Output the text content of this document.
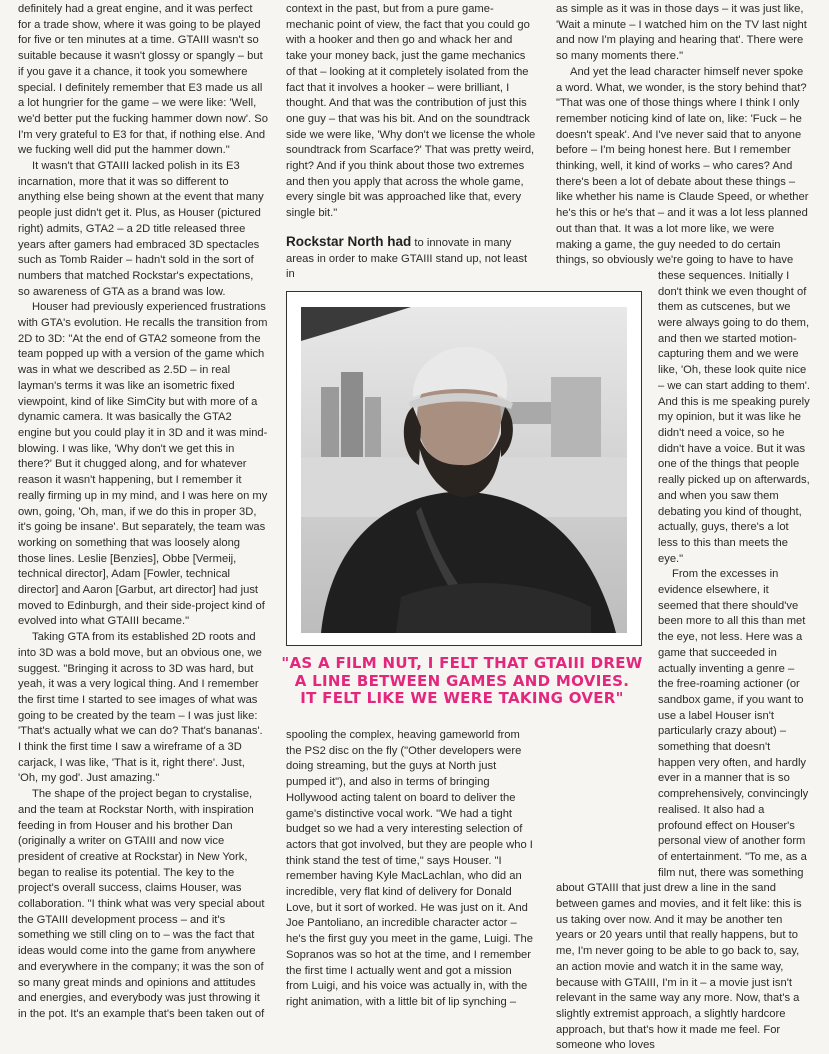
definitely had a great engine, and it was perfect for a trade show, where it was going to be played for five or ten minutes at a time. GTAIII wasn't so suitable because it wasn't glossy or spangly – but if you gave it a chance, it took you somewhere special. I definitely remember that E3 made us all a lot hungrier for the game – we were like: 'Well, we'd better put the fucking hammer down now'. So I'm very grateful to E3 for that, if nothing else. And we fucking well did put the hammer down."

It wasn't that GTAIII lacked polish in its E3 incarnation, more that it was so different to anything else being shown at the event that many people just didn't get it. Plus, as Houser (pictured right) admits, GTA2 – a 2D title released three years after gamers had embraced 3D spectacles such as Tomb Raider – hadn't sold in the sort of numbers that matched Rockstar's expectations, so awareness of GTA as a brand was low.

Houser had previously experienced frustrations with GTA's evolution. He recalls the transition from 2D to 3D: "At the end of GTA2 someone from the team popped up with a version of the game which was in what we described as 2.5D – in real layman's terms it was like an isometric fixed viewpoint, kind of like SimCity but with more of a dynamic camera. It was basically the GTA2 engine but you could play it in 3D and it was mind-blowing. I was like, 'Why don't we get this in there?' But it chugged along, and for whatever reason it wasn't happening, but I remember it really firming up in my mind, and I was here on my own, going, 'Oh, man, if we do this in proper 3D, it's going be insane'. But separately, the team was working on something that was loosely along those lines. Leslie [Benzies], Obbe [Vermeij, technical director], Adam [Fowler, technical director] and Aaron [Garbut, art director] had just moved to Edinburgh, and their side-project kind of evolved into what GTAIII became."

Taking GTA from its established 2D roots and into 3D was a bold move, but an obvious one, we suggest. "Bringing it across to 3D was hard, but yeah, it was a very logical thing. And I remember the first time I started to see images of what was going to be created by the team – I was just like: 'That's actually what we can do? That's bananas'. I think the first time I saw a wireframe of a 3D carjack, I was like, 'That is it, right there'. Just, 'Oh, my god'. Just amazing."

The shape of the project began to crystalise, and the team at Rockstar North, with inspiration feeding in from Houser and his brother Dan (originally a writer on GTAIII and now vice president of creative at Rockstar) in New York, began to realise its potential. The key to the project's overall success, claims Houser, was collaboration. "I think what was very special about the GTAIII development process – and it's something we still cling on to – was the fact that ideas would come into the game from anywhere and everywhere in the company; it was the son of so many great minds and opinions and attitudes and energies, and everybody was just throwing it in the pot. It's an example that's been taken out of

context in the past, but from a pure game-mechanic point of view, the fact that you could go with a hooker and then go and whack her and take your money back, just the game mechanics of that – looking at it completely isolated from the fact that it involves a hooker – were brilliant, I thought. And that was the contribution of just this one guy – that was his bit. And on the soundtrack side we were like, 'Why don't we license the whole soundtrack from Scarface?' That was pretty weird, right? And if you think about those two extremes and then you apply that across the whole game, every single bit was approached like that, every single bit."

Rockstar North had to innovate in many areas in order to make GTAIII stand up, not least in

"AS A FILM NUT, I FELT THAT GTAIII DREW
A LINE BETWEEN GAMES AND MOVIES.
IT FELT LIKE WE WERE TAKING OVER"

spooling the complex, heaving gameworld from the PS2 disc on the fly ("Other developers were doing streaming, but the guys at North just pumped it"), and also in terms of bringing Hollywood acting talent on board to deliver the game's distinctive vocal work. "We had a tight budget so we had a very interesting selection of actors that got involved, but they are people who I think stand the test of time," says Houser. "I remember having Kyle MacLachlan, who did an incredible, very flat kind of delivery for Donald Love, but it sort of worked. He was just on it. And Joe Pantoliano, an incredible character actor – he's the first guy you meet in the game, Luigi. The Sopranos was so hot at the time, and I remember the first time I actually went and got a mission from Luigi, and his voice was actually in, with the right animation, with a little bit of lip synching –

as simple as it was in those days – it was just like, 'Wait a minute – I watched him on the TV last night and now I'm playing and hearing that'. There were so many moments there."

And yet the lead character himself never spoke a word. What, we wonder, is the story behind that? "That was one of those things where I think I only remember noticing kind of late on, like: 'Fuck – he doesn't speak'. And I've never said that to anyone before – I'm being honest here. But I remember thinking, well, it kind of works – who cares? And there's been a lot of debate about these things – like whether his name is Claude Speed, or whether he's this or he's that – and it was a lot less planned out than that. It was a lot more like, we were making a game, the guy needed to do certain things, so obviously we're going to have to have these sequences. Initially I don't think we even thought of them as cutscenes, but we were always going to do them, and then we started motion-capturing them and we were like, 'Oh, these look quite nice – we can start adding to them'. And this is me speaking purely my opinion, but it was like he didn't need a voice, so he didn't have a voice. But it was one of the things that people really picked up on afterwards, and when you saw them debating you kind of thought, actually, guys, there's a lot less to this than meets the eye."

From the excesses in evidence elsewhere, it seemed that there should've been more to all this than met the eye, not less. Here was a game that succeeded in actually inventing a genre – the free-roaming actioner (or sandbox game, if you want to use a label Houser isn't particularly crazy about) – something that doesn't happen very often, and hardly ever in a manner that is so comprehensively, convincingly realised. It also had a profound effect on Houser's personal view of another form of entertainment. "To me, as a film nut, there was something about GTAIII that just drew a line in the sand between games and movies, and it felt like: this is us taking over now. And it may be another ten years or 20 years until that really happens, but to me, I'm never going to be able to go back to, say, an action movie and watch it in the same way, because with GTAIII, I'm in it – a movie just isn't relevant in the same way any more. Now, that's a slightly extremist approach, a slightly hardcore approach, but that's how it made me feel. For someone who loves
